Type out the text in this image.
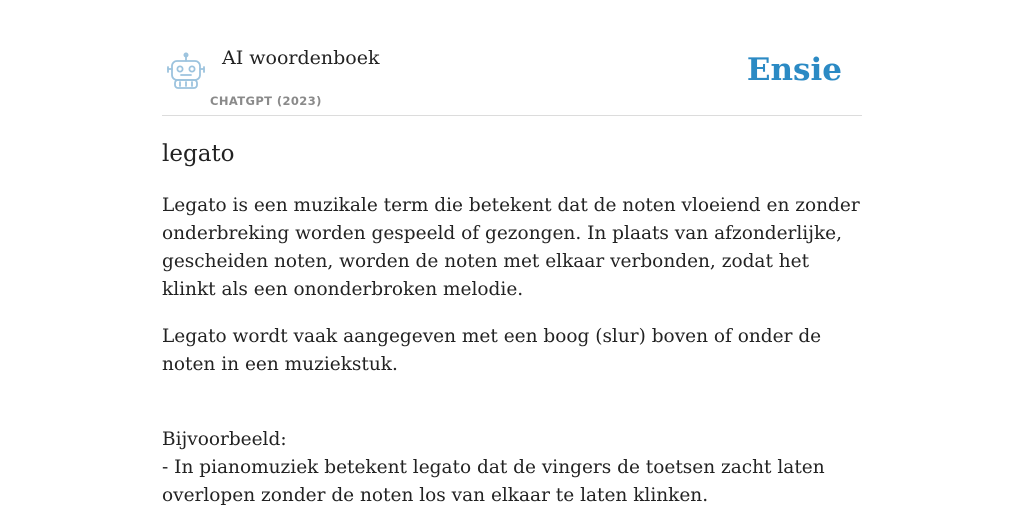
AI woordenboek
CHATGPT (2023)
Ensie
legato

Legato is een muzikale term die betekent dat de noten vloeiend en zonder onderbreking worden gespeeld of gezongen. In plaats van afzonderlijke, gescheiden noten, worden de noten met elkaar verbonden, zodat het klinkt als een ononderbroken melodie.

Legato wordt vaak aangegeven met een boog (slur) boven of onder de noten in een muziekstuk.

Bijvoorbeeld:
- In pianomuziek betekent legato dat de vingers de toetsen zacht laten overlopen zonder de noten los van elkaar te laten klinken.
